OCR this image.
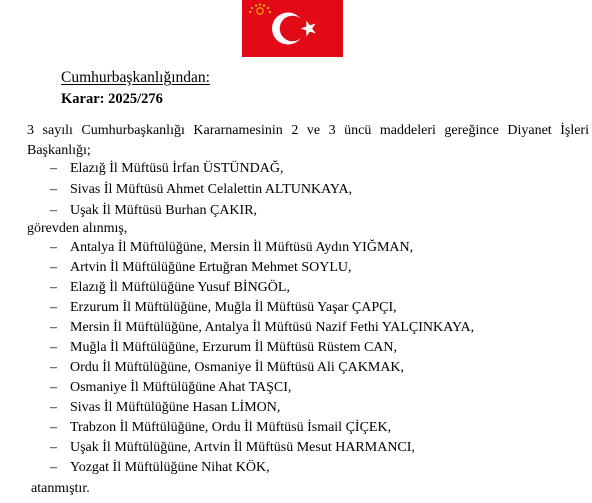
Cumhurbaşkanlığından:
Karar: 2025/276
3 sayılı Cumhurbaşkanlığı Kararnamesinin 2 ve 3 üncü maddeleri gereğince Diyanet İşleri
Başkanlığı;
– Elazığ İl Müftüsü İrfan ÜSTÜNDAĞ,
– Sivas İl Müftüsü Ahmet Celalettin ALTUNKAYA,
– Uşak İl Müftüsü Burhan ÇAKIR,
görevden alınmış,
– Antalya İl Müftülüğüne, Mersin İl Müftüsü Aydın YIĞMAN,
– Artvin İl Müftülüğüne Ertuğran Mehmet SOYLU,
– Elazığ İl Müftülüğüne Yusuf BİNGÖL,
– Erzurum İl Müftülüğüne, Muğla İl Müftüsü Yaşar ÇAPÇI,
– Mersin İl Müftülüğüne, Antalya İl Müftüsü Nazif Fethi YALÇINKAYA,
– Muğla İl Müftülüğüne, Erzurum İl Müftüsü Rüstem CAN,
– Ordu İl Müftülüğüne, Osmaniye İl Müftüsü Ali ÇAKMAK,
– Osmaniye İl Müftülüğüne Ahat TAŞCI,
– Sivas İl Müftülüğüne Hasan LİMON,
– Trabzon İl Müftülüğüne, Ordu İl Müftüsü İsmail ÇİÇEK,
– Uşak İl Müftülüğüne, Artvin İl Müftüsü Mesut HARMANCI,
– Yozgat İl Müftülüğüne Nihat KÖK,
atanmıştır.
